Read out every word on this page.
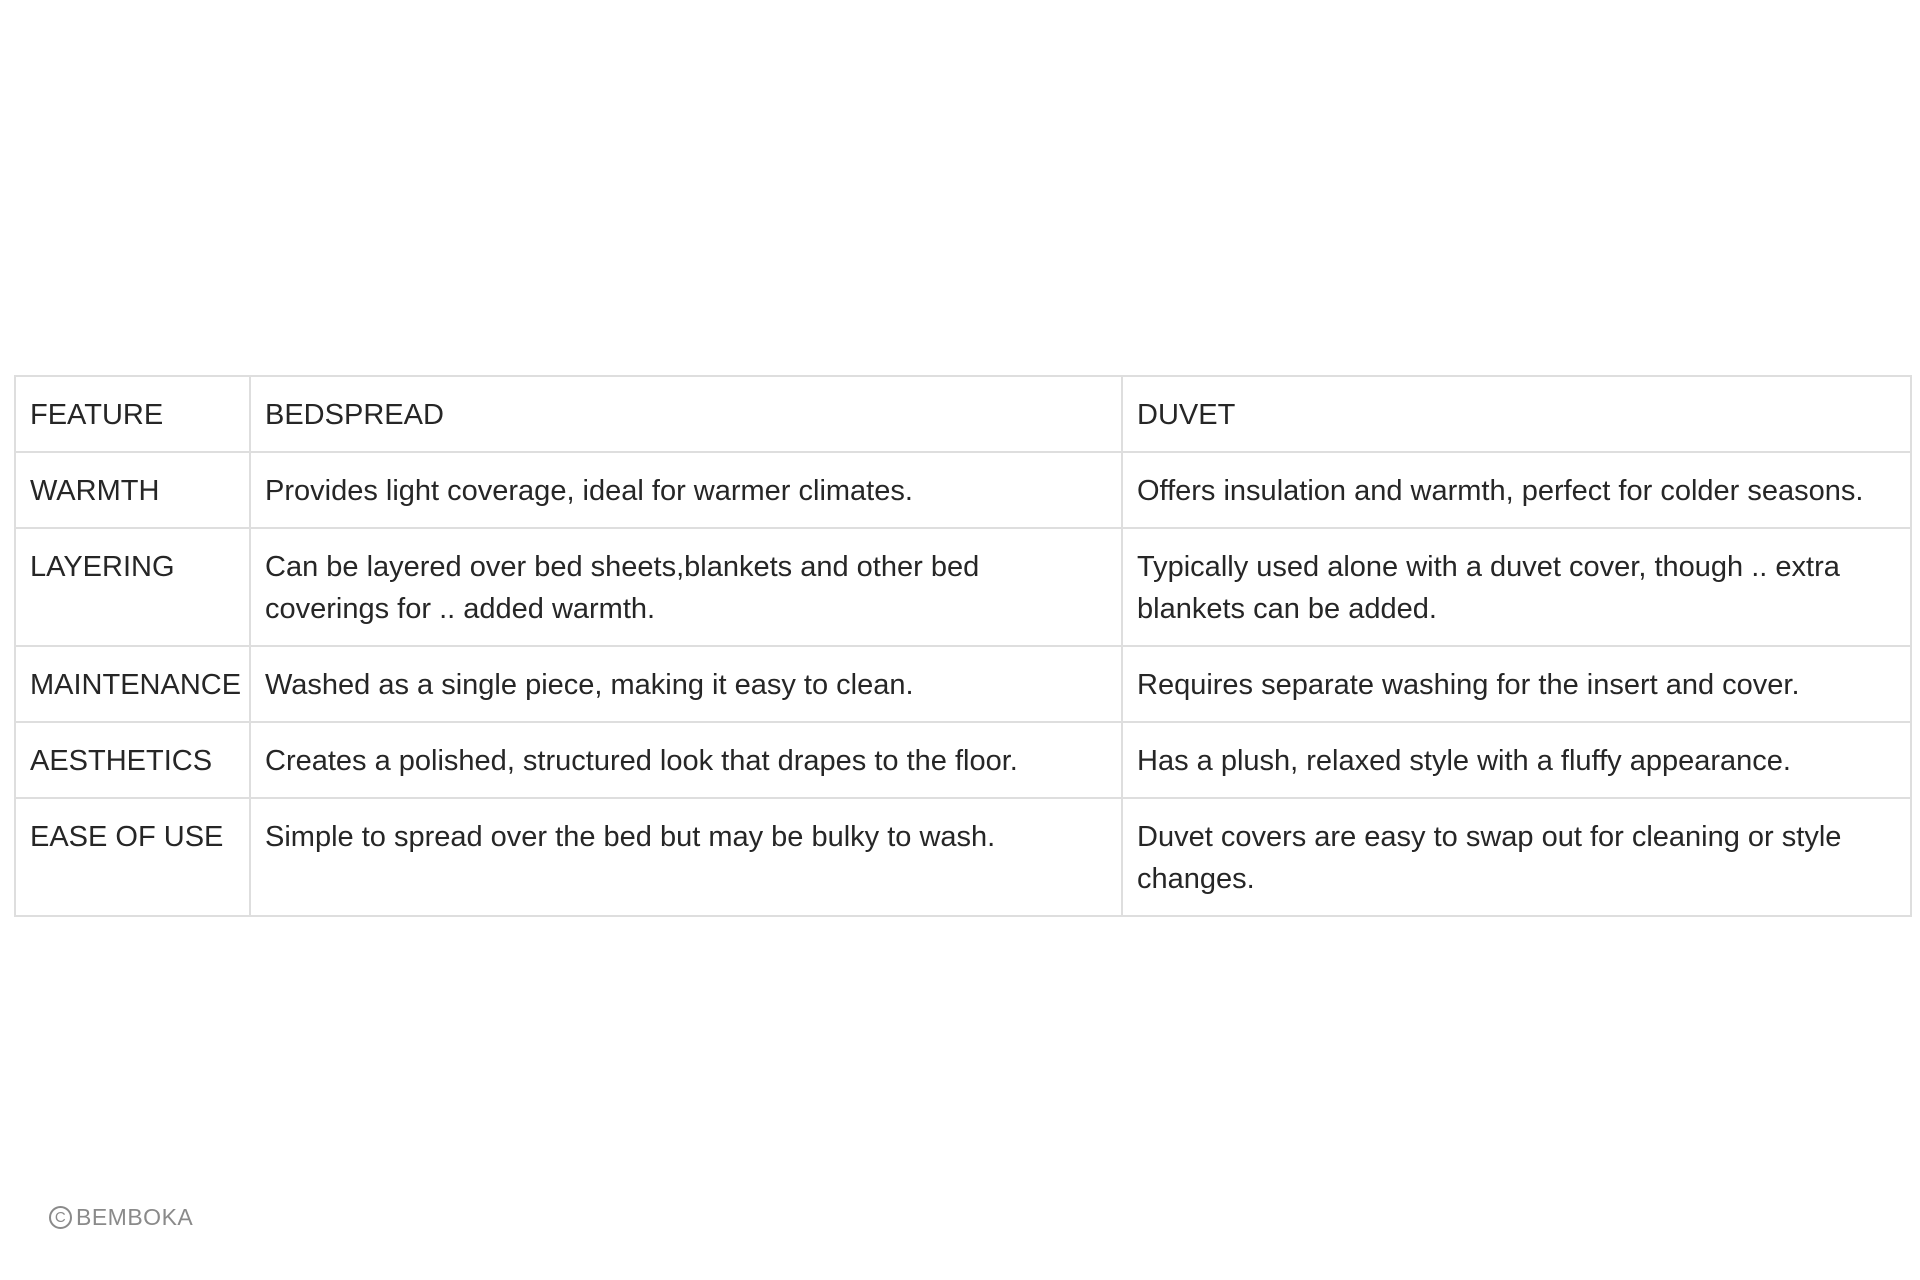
FEATURE	BEDSPREAD	DUVET
WARMTH	Provides light coverage, ideal for warmer climates.	Offers insulation and warmth, perfect for colder seasons.
LAYERING	Can be layered over bed sheets,blankets and other bed coverings for .. added warmth.	Typically used alone with a duvet cover, though .. extra blankets can be added.
MAINTENANCE	Washed as a single piece, making it easy to clean.	Requires separate washing for the insert and cover.
AESTHETICS	Creates a polished, structured look that drapes to the floor.	Has a plush, relaxed style with a fluffy appearance.
EASE OF USE	Simple to spread over the bed but may be bulky to wash.	Duvet covers are easy to swap out for cleaning or style changes.
C BEMBOKA
